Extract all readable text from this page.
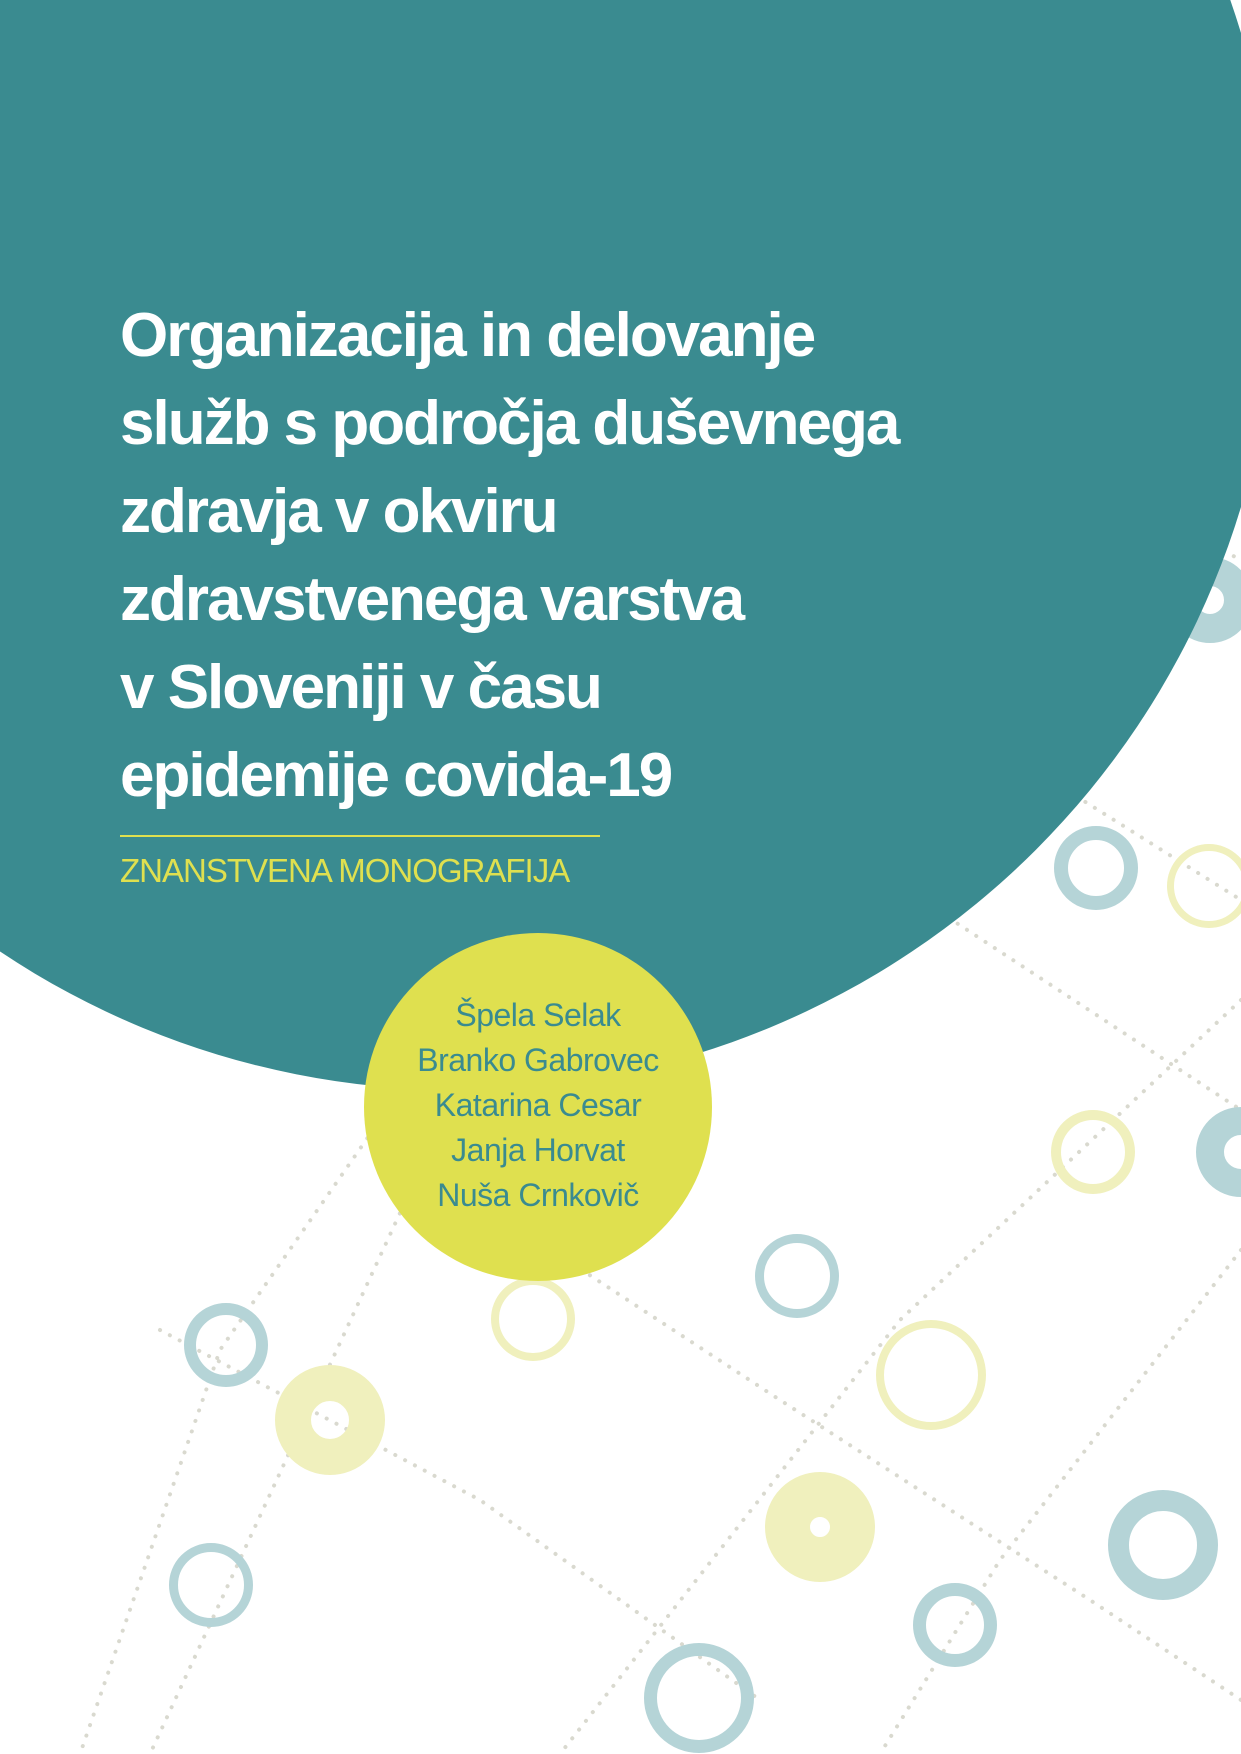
Organizacija in delovanje
služb s področja duševnega
zdravja v okviru
zdravstvenega varstva
v Sloveniji v času
epidemije covida-19

ZNANSTVENA MONOGRAFIJA

Špela Selak
Branko Gabrovec
Katarina Cesar
Janja Horvat
Nuša Crnkovič
